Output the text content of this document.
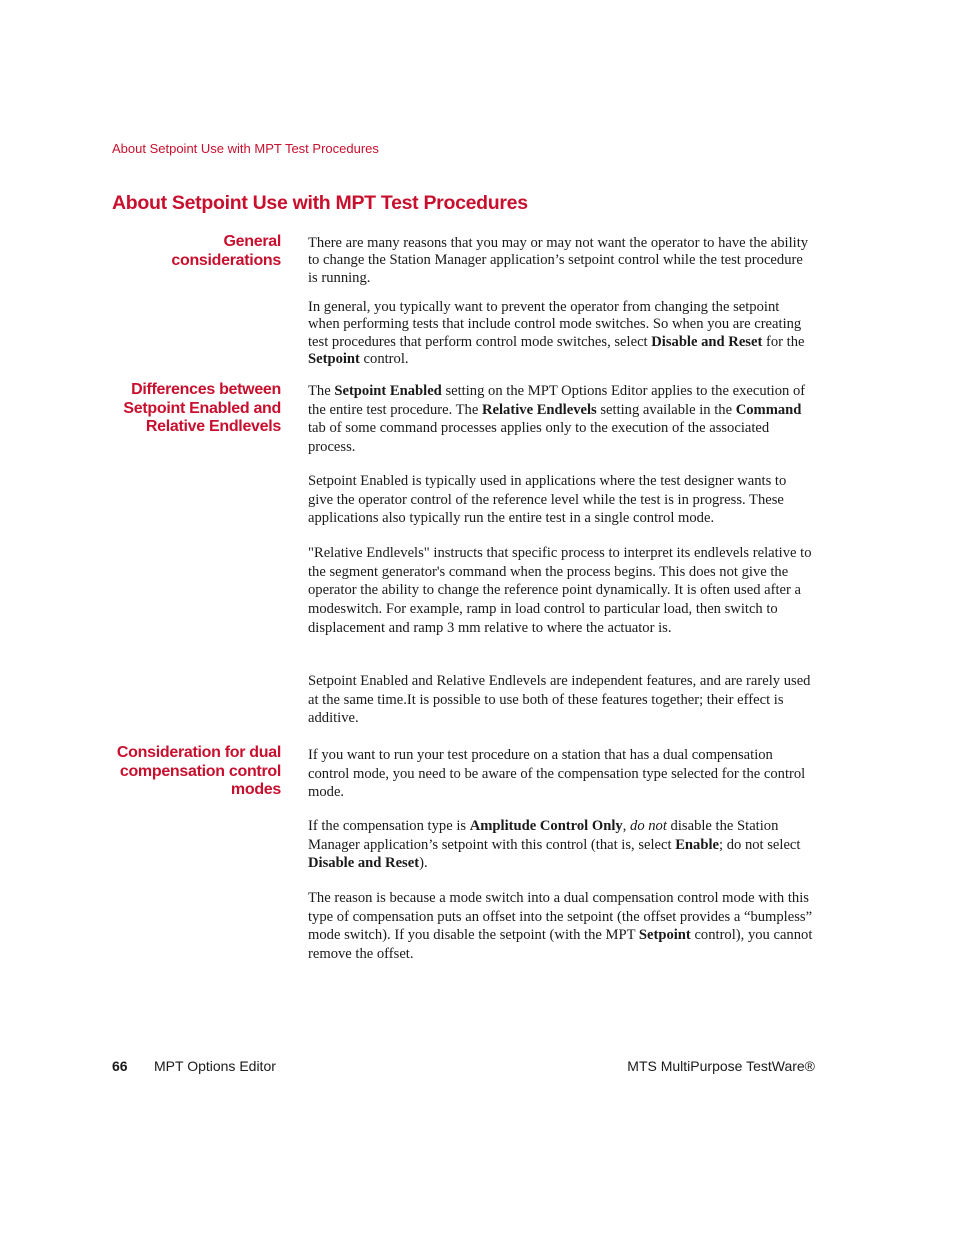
About Setpoint Use with MPT Test Procedures
About Setpoint Use with MPT Test Procedures
General
considerations

There are many reasons that you may or may not want the operator to have the ability to change the Station Manager application’s setpoint control while the test procedure is running.

In general, you typically want to prevent the operator from changing the setpoint when performing tests that include control mode switches. So when you are creating test procedures that perform control mode switches, select Disable and Reset for the Setpoint control.

Differences between
Setpoint Enabled and
Relative Endlevels

The Setpoint Enabled setting on the MPT Options Editor applies to the execution of the entire test procedure. The Relative Endlevels setting available in the Command tab of some command processes applies only to the execution of the associated process.

Setpoint Enabled is typically used in applications where the test designer wants to give the operator control of the reference level while the test is in progress. These applications also typically run the entire test in a single control mode.

"Relative Endlevels" instructs that specific process to interpret its endlevels relative to the segment generator's command when the process begins. This does not give the operator the ability to change the reference point dynamically. It is often used after a modeswitch. For example, ramp in load control to particular load, then switch to displacement and ramp 3 mm relative to where the actuator is.

Setpoint Enabled and Relative Endlevels are independent features, and are rarely used at the same time.It is possible to use both of these features together; their effect is additive.

Consideration for dual
compensation control
modes

If you want to run your test procedure on a station that has a dual compensation control mode, you need to be aware of the compensation type selected for the control mode.

If the compensation type is Amplitude Control Only, do not disable the Station Manager application’s setpoint with this control (that is, select Enable; do not select Disable and Reset).

The reason is because a mode switch into a dual compensation control mode with this type of compensation puts an offset into the setpoint (the offset provides a “bumpless” mode switch). If you disable the setpoint (with the MPT Setpoint control), you cannot remove the offset.

66 MPT Options Editor	MTS MultiPurpose TestWare®
